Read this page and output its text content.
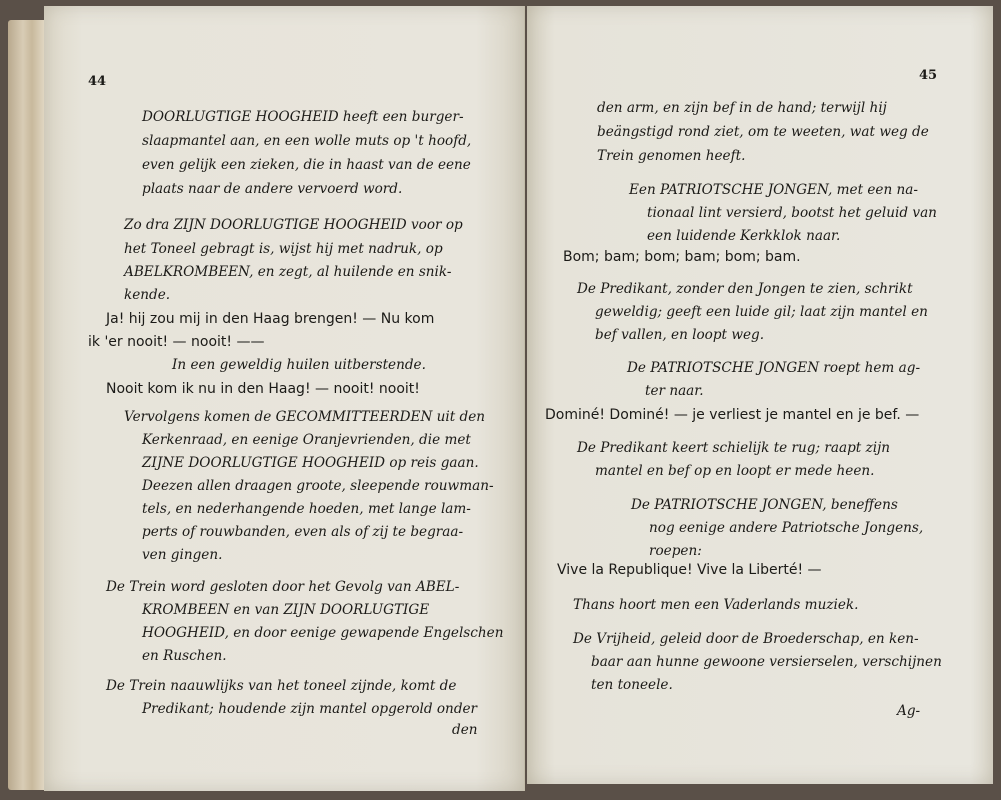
44
DOORLUGTIGE HOOGHEID heeft een burger-
slaapmantel aan, en een wolle muts op 't hoofd,
even gelijk een zieken, die in haast van de eene
plaats naar de andere vervoerd word.
Zo dra ZIJN DOORLUGTIGE HOOGHEID voor op
het Toneel gebragt is, wijst hij met nadruk, op
ABELKROMBEEN, en zegt, al huilende en snik-
kende.
Ja! hij zou mij in den Haag brengen! — Nu kom
ik 'er nooit! — nooit! ——
In een geweldig huilen uitberstende.
Nooit kom ik nu in den Haag! — nooit! nooit!
Vervolgens komen de GECOMMITTEERDEN uit den
Kerkenraad, en eenige Oranjevrienden, die met
ZIJNE DOORLUGTIGE HOOGHEID op reis gaan.
Deezen allen draagen groote, sleepende rouwman-
tels, en nederhangende hoeden, met lange lam-
perts of rouwbanden, even als of zij te begraa-
ven gingen.
De Trein word gesloten door het Gevolg van ABEL-
KROMBEEN en van ZIJN DOORLUGTIGE
HOOGHEID, en door eenige gewapende Engelschen
en Ruschen.
De Trein naauwlijks van het toneel zijnde, komt de
Predikant; houdende zijn mantel opgerold onder
den
45
den arm, en zijn bef in de hand; terwijl hij
beängstigd rond ziet, om te weeten, wat weg de
Trein genomen heeft.
Een PATRIOTSCHE JONGEN, met een na-
tionaal lint versierd, bootst het geluid van
een luidende Kerkklok naar.
Bom; bam; bom; bam; bom; bam.
De Predikant, zonder den Jongen te zien, schrikt
geweldig; geeft een luide gil; laat zijn mantel en
bef vallen, en loopt weg.
De PATRIOTSCHE JONGEN roept hem ag-
ter naar.
Dominé! Dominé! — je verliest je mantel en je bef. —
De Predikant keert schielijk te rug; raapt zijn
mantel en bef op en loopt er mede heen.
De PATRIOTSCHE JONGEN, beneffens
nog eenige andere Patriotsche Jongens,
roepen:
Vive la Republique! Vive la Liberté! —
Thans hoort men een Vaderlands muziek.
De Vrijheid, geleid door de Broederschap, en ken-
baar aan hunne gewoone versierselen, verschijnen
ten toneele.
Ag-
